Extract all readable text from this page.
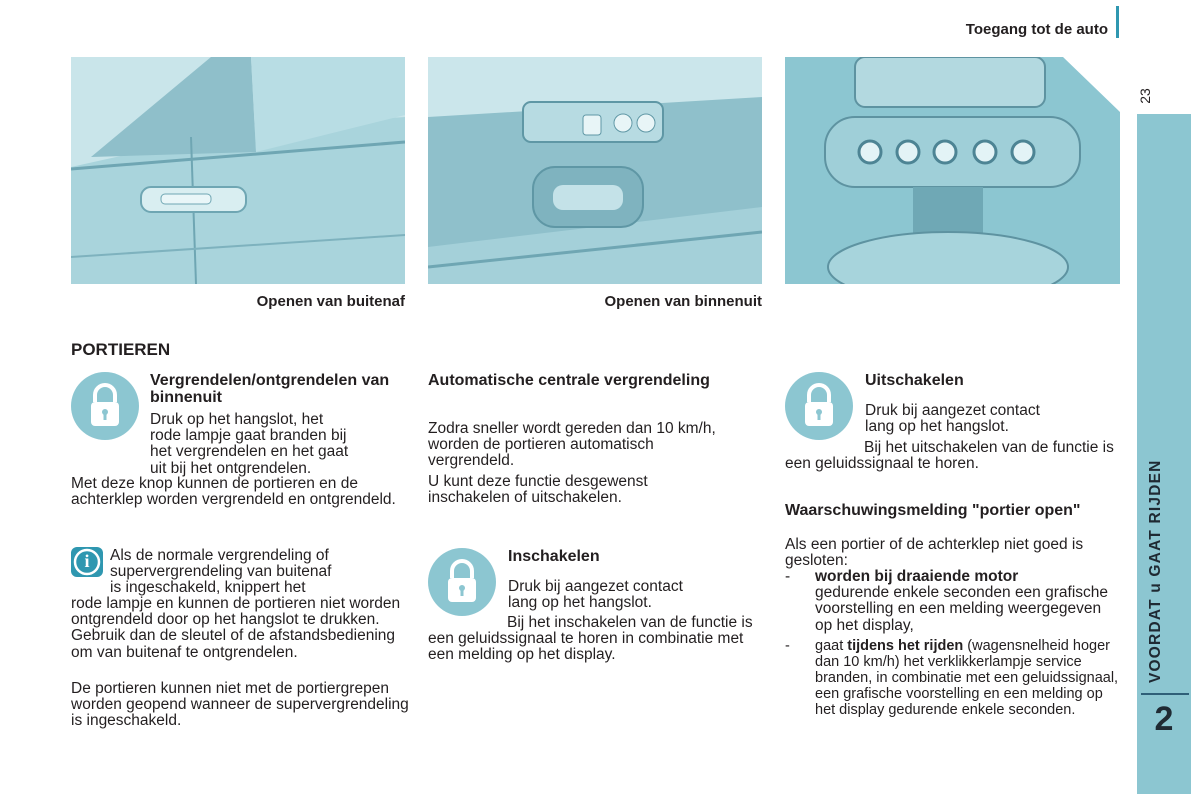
Toegang tot de auto
23
VOORDAT u GAAT RIJDEN
2
Openen van buitenaf	Openen van binnenuit
PORTIEREN
Vergrendelen/ontgrendelen van binnenuit

Druk op het hangslot, het

rode lampje gaat branden bij

het vergrendelen en het gaat

uit bij het ontgrendelen.

Met deze knop kunnen de portieren en de achterklep worden vergrendeld en ontgrendeld.

i	Als de normale vergrendeling of

supervergrendeling van buitenaf

is ingeschakeld, knippert het

rode lampje en kunnen de portieren niet worden ontgrendeld door op het hangslot te drukken. Gebruik dan de sleutel of de afstandsbediening om van buitenaf te ontgrendelen.

De portieren kunnen niet met de portiergrepen worden geopend wanneer de supervergrendeling is ingeschakeld.

Automatische centrale vergrendeling

Zodra sneller wordt gereden dan 10 km/h, worden de portieren automatisch vergrendeld.

U kunt deze functie desgewenst inschakelen of uitschakelen.

Inschakelen

Druk bij aangezet contact

lang op het hangslot.

Bij het inschakelen van de functie is een geluidssignaal te horen in combinatie met een melding op het display.

Uitschakelen

Druk bij aangezet contact

lang op het hangslot.

Bij het uitschakelen van de functie is een geluidssignaal te horen.

Waarschuwingsmelding "portier open"

Als een portier of de achterklep niet goed is gesloten:

-	worden bij draaiende motor
gedurende enkele seconden een grafische voorstelling en een melding weergegeven op het display,
-	gaat tijdens het rijden (wagensnelheid hoger dan 10 km/h) het verklikkerlampje service branden, in combinatie met een geluidssignaal, een grafische voorstelling en een melding op het display gedurende enkele seconden.
